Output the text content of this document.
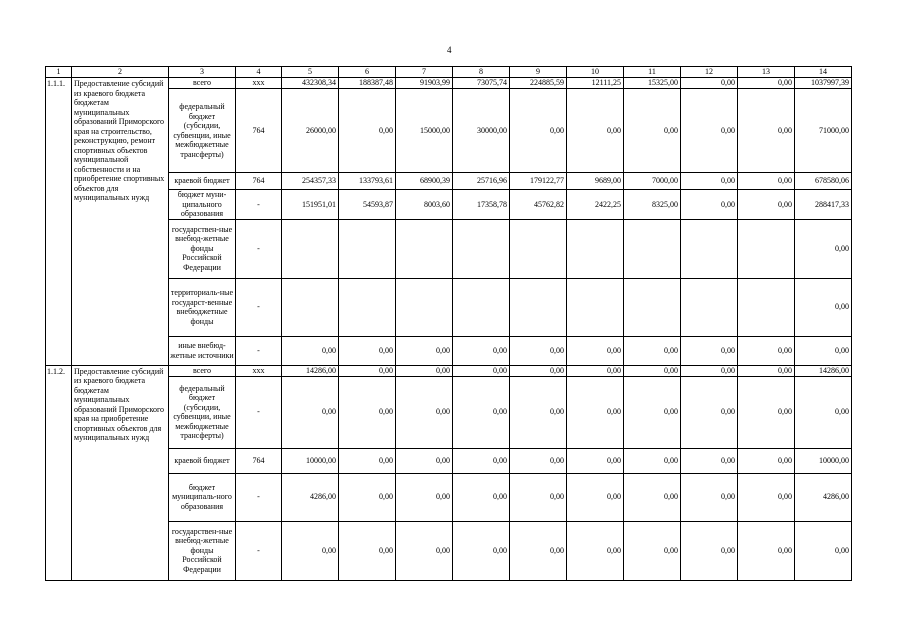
4
1	2	3	4	5	6	7	8	9	10	11	12	13	14
1.1.1.	Предоставление субсидий из краевого бюджета бюджетам муниципальных образований Приморского края на строительство, реконструкцию, ремонт спортивных объектов муниципальной собственности и на приобретение спортивных объектов для муниципальных нужд	всего	ххх	432308,34	188387,48	91903,99	73075,74	224885,59	12111,25	15325,00	0,00	0,00	1037997,39
		федеральный бюджет (субсидии, субвенции, иные межбюджетные трансферты)	764	26000,00	0,00	15000,00	30000,00	0,00	0,00	0,00	0,00	0,00	71000,00
		краевой бюджет	764	254357,33	133793,61	68900,39	25716,96	179122,77	9689,00	7000,00	0,00	0,00	678580,06
		бюджет муни-ципального образования	-	151951,01	54593,87	8003,60	17358,78	45762,82	2422,25	8325,00	0,00	0,00	288417,33
		государствен-ные внебюд-жетные фонды Российской Федерации	-										0,00
		территориаль-ные государст-венные внебюджетные фонды	-										0,00
		иные внебюд-жетные источники	-	0,00	0,00	0,00	0,00	0,00	0,00	0,00	0,00	0,00	0,00
1.1.2.	Предоставление субсидий из краевого бюджета бюджетам муниципальных образований Приморского края на приобретение спортивных объектов для муниципальных нужд	всего	ххх	14286,00	0,00	0,00	0,00	0,00	0,00	0,00	0,00	0,00	14286,00
		федеральный бюджет (субсидии, субвенции, иные межбюджетные трансферты)	-	0,00	0,00	0,00	0,00	0,00	0,00	0,00	0,00	0,00	0,00
		краевой бюджет	764	10000,00	0,00	0,00	0,00	0,00	0,00	0,00	0,00	0,00	10000,00
		бюджет муниципаль-ного образования	-	4286,00	0,00	0,00	0,00	0,00	0,00	0,00	0,00	0,00	4286,00
		государствен-ные внебюд-жетные фонды Российской Федерации	-	0,00	0,00	0,00	0,00	0,00	0,00	0,00	0,00	0,00	0,00
